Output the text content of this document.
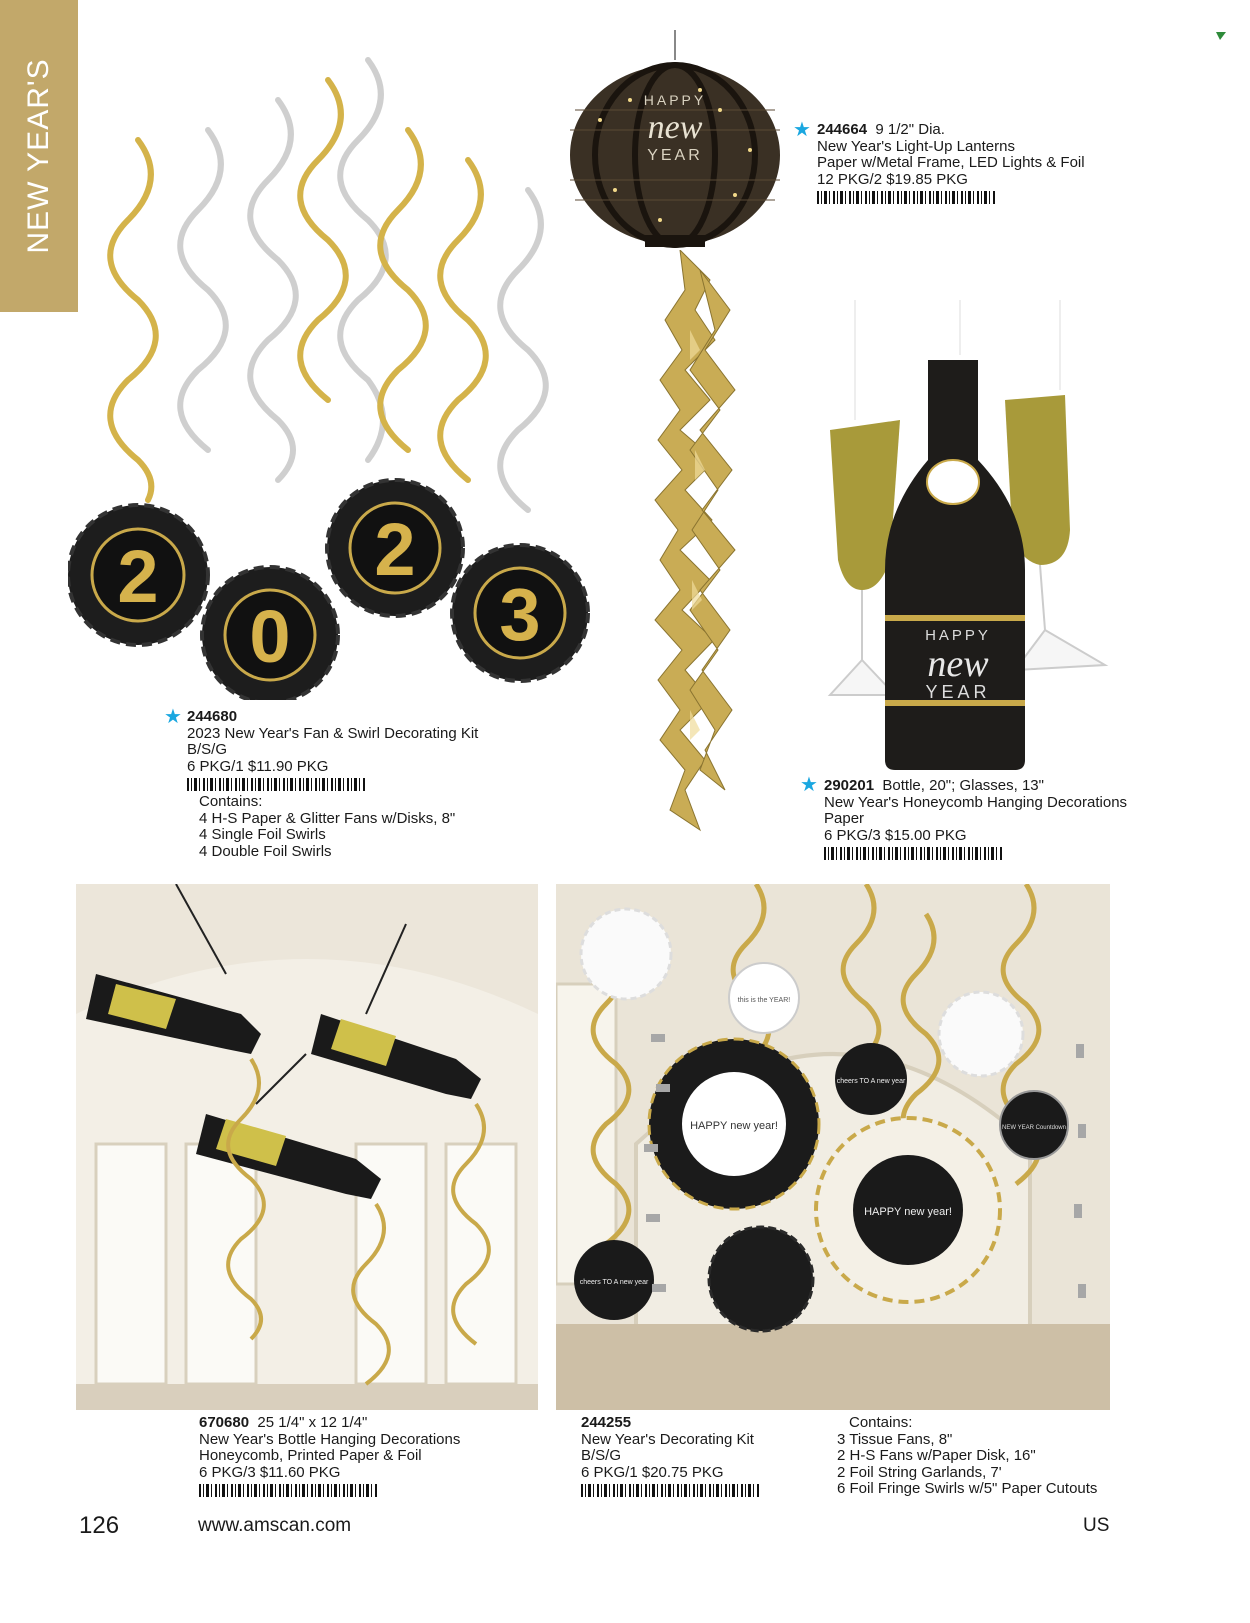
NEW YEAR'S	HAPPY
new
YEAR
2
0
2
3	HAPPY
new
YEAR
HAPPY new year!
HAPPY new year!
this is the YEAR!
cheers TO A new year
cheers TO A new year
NEW YEAR Countdown
★ 244664 9 1/2" Dia.
New Year's Light-Up Lanterns
Paper w/Metal Frame, LED Lights & Foil
12 PKG/2 $19.85 PKG
★ 244680
2023 New Year's Fan & Swirl Decorating Kit
B/S/G
6 PKG/1 $11.90 PKG
Contains:
4 H-S Paper & Glitter Fans w/Disks, 8"
4 Single Foil Swirls
4 Double Foil Swirls
★ 290201 Bottle, 20"; Glasses, 13"
New Year's Honeycomb Hanging Decorations
Paper
6 PKG/3 $15.00 PKG
670680 25 1/4" x 12 1/4"
New Year's Bottle Hanging Decorations
Honeycomb, Printed Paper & Foil
6 PKG/3 $11.60 PKG
244255
New Year's Decorating Kit
B/S/G
6 PKG/1 $20.75 PKG
Contains:
3 Tissue Fans, 8"
2 H-S Fans w/Paper Disk, 16"
2 Foil String Garlands, 7'
6 Foil Fringe Swirls w/5" Paper Cutouts
126	www.amscan.com	US
